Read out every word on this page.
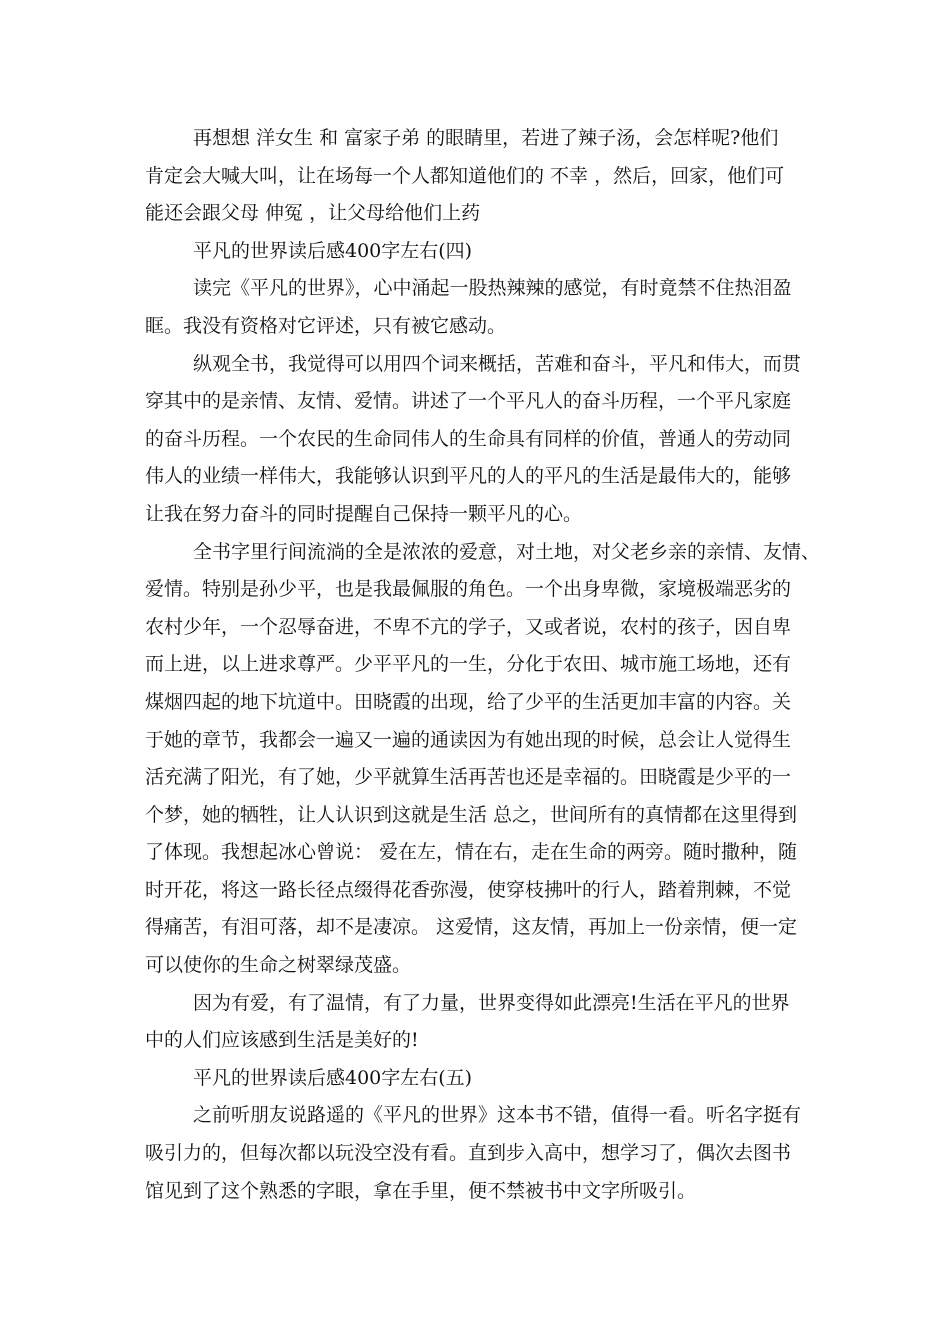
再想想 洋女生 和 富家子弟 的眼睛里，若进了辣子汤，会怎样呢?他们
肯定会大喊大叫，让在场每一个人都知道他们的 不幸 ，然后，回家，他们可
能还会跟父母 伸冤 ，让父母给他们上药
平凡的世界读后感400字左右(四)
读完《平凡的世界》，心中涌起一股热辣辣的感觉，有时竟禁不住热泪盈
眶。我没有资格对它评述，只有被它感动。
纵观全书，我觉得可以用四个词来概括，苦难和奋斗，平凡和伟大，而贯
穿其中的是亲情、友情、爱情。讲述了一个平凡人的奋斗历程，一个平凡家庭
的奋斗历程。一个农民的生命同伟人的生命具有同样的价值，普通人的劳动同
伟人的业绩一样伟大，我能够认识到平凡的人的平凡的生活是最伟大的，能够
让我在努力奋斗的同时提醒自己保持一颗平凡的心。
全书字里行间流淌的全是浓浓的爱意，对土地，对父老乡亲的亲情、友情、
爱情。特别是孙少平，也是我最佩服的角色。一个出身卑微，家境极端恶劣的
农村少年，一个忍辱奋进，不卑不亢的学子，又或者说，农村的孩子，因自卑
而上进，以上进求尊严。少平平凡的一生，分化于农田、城市施工场地，还有
煤烟四起的地下坑道中。田晓霞的出现，给了少平的生活更加丰富的内容。关
于她的章节，我都会一遍又一遍的通读因为有她出现的时候，总会让人觉得生
活充满了阳光，有了她，少平就算生活再苦也还是幸福的。田晓霞是少平的一
个梦，她的牺牲，让人认识到这就是生活 总之，世间所有的真情都在这里得到
了体现。我想起冰心曾说： 爱在左，情在右，走在生命的两旁。随时撒种，随
时开花，将这一路长径点缀得花香弥漫，使穿枝拂叶的行人，踏着荆棘，不觉
得痛苦，有泪可落，却不是凄凉。 这爱情，这友情，再加上一份亲情，便一定
可以使你的生命之树翠绿茂盛。
因为有爱，有了温情，有了力量，世界变得如此漂亮!生活在平凡的世界
中的人们应该感到生活是美好的!
平凡的世界读后感400字左右(五)
之前听朋友说路遥的《平凡的世界》这本书不错，值得一看。听名字挺有
吸引力的，但每次都以玩没空没有看。直到步入高中，想学习了，偶次去图书
馆见到了这个熟悉的字眼，拿在手里，便不禁被书中文字所吸引。
